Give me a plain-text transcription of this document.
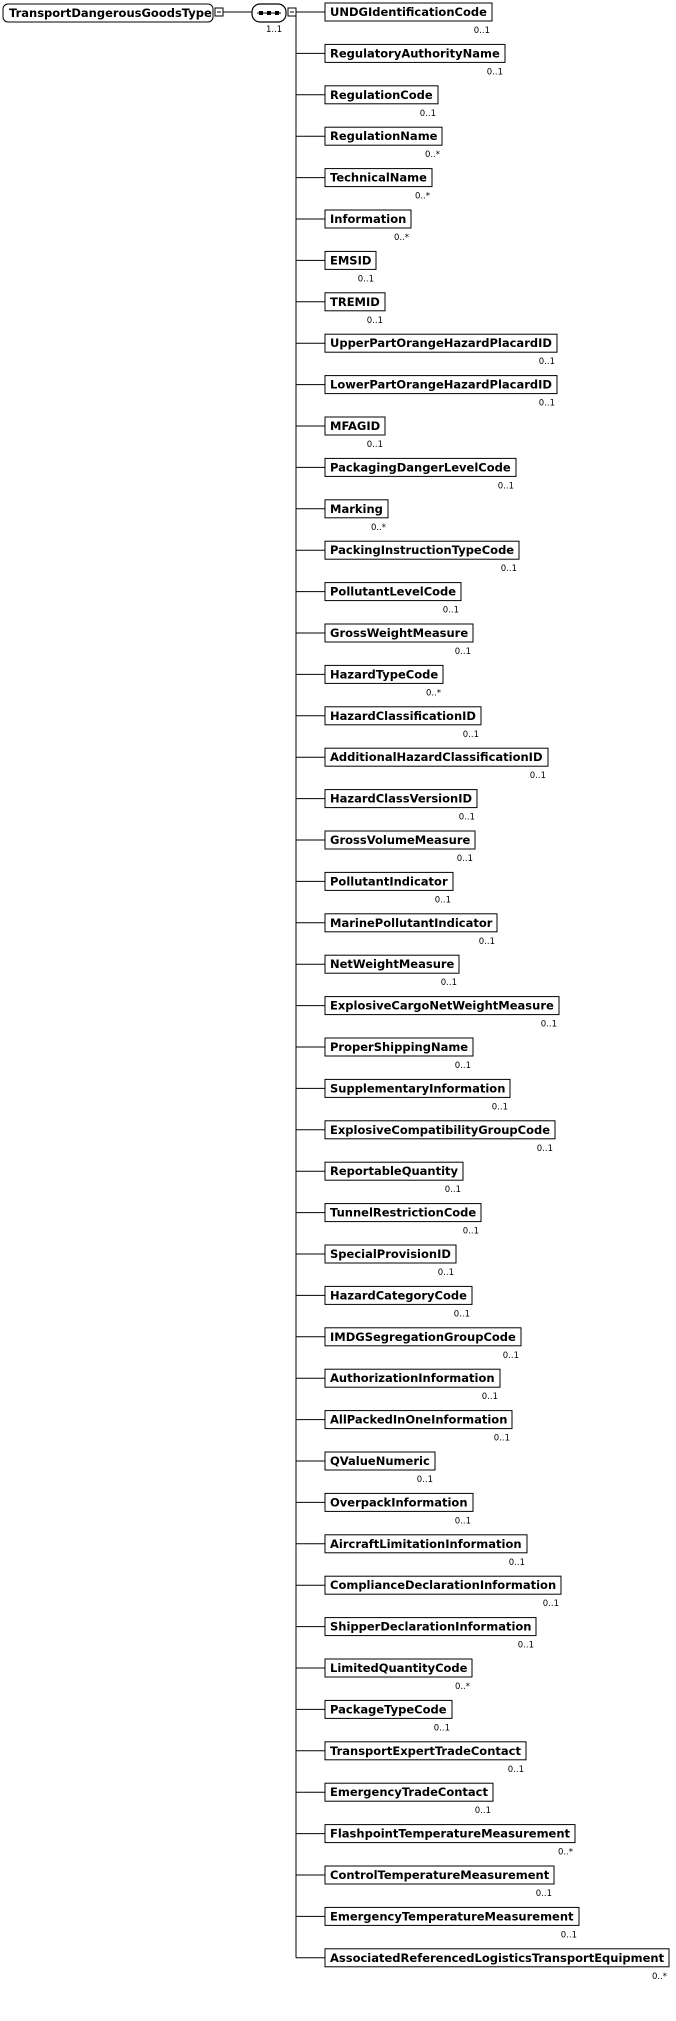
TransportDangerousGoodsType
1..1
UNDGIdentificationCode
0..1
RegulatoryAuthorityName
0..1
RegulationCode
0..1
RegulationName
0..*
TechnicalName
0..*
Information
0..*
EMSID
0..1
TREMID
0..1
UpperPartOrangeHazardPlacardID
0..1
LowerPartOrangeHazardPlacardID
0..1
MFAGID
0..1
PackagingDangerLevelCode
0..1
Marking
0..*
PackingInstructionTypeCode
0..1
PollutantLevelCode
0..1
GrossWeightMeasure
0..1
HazardTypeCode
0..*
HazardClassificationID
0..1
AdditionalHazardClassificationID
0..1
HazardClassVersionID
0..1
GrossVolumeMeasure
0..1
PollutantIndicator
0..1
MarinePollutantIndicator
0..1
NetWeightMeasure
0..1
ExplosiveCargoNetWeightMeasure
0..1
ProperShippingName
0..1
SupplementaryInformation
0..1
ExplosiveCompatibilityGroupCode
0..1
ReportableQuantity
0..1
TunnelRestrictionCode
0..1
SpecialProvisionID
0..1
HazardCategoryCode
0..1
IMDGSegregationGroupCode
0..1
AuthorizationInformation
0..1
AllPackedInOneInformation
0..1
QValueNumeric
0..1
OverpackInformation
0..1
AircraftLimitationInformation
0..1
ComplianceDeclarationInformation
0..1
ShipperDeclarationInformation
0..1
LimitedQuantityCode
0..*
PackageTypeCode
0..1
TransportExpertTradeContact
0..1
EmergencyTradeContact
0..1
FlashpointTemperatureMeasurement
0..*
ControlTemperatureMeasurement
0..1
EmergencyTemperatureMeasurement
0..1
AssociatedReferencedLogisticsTransportEquipment
0..*
